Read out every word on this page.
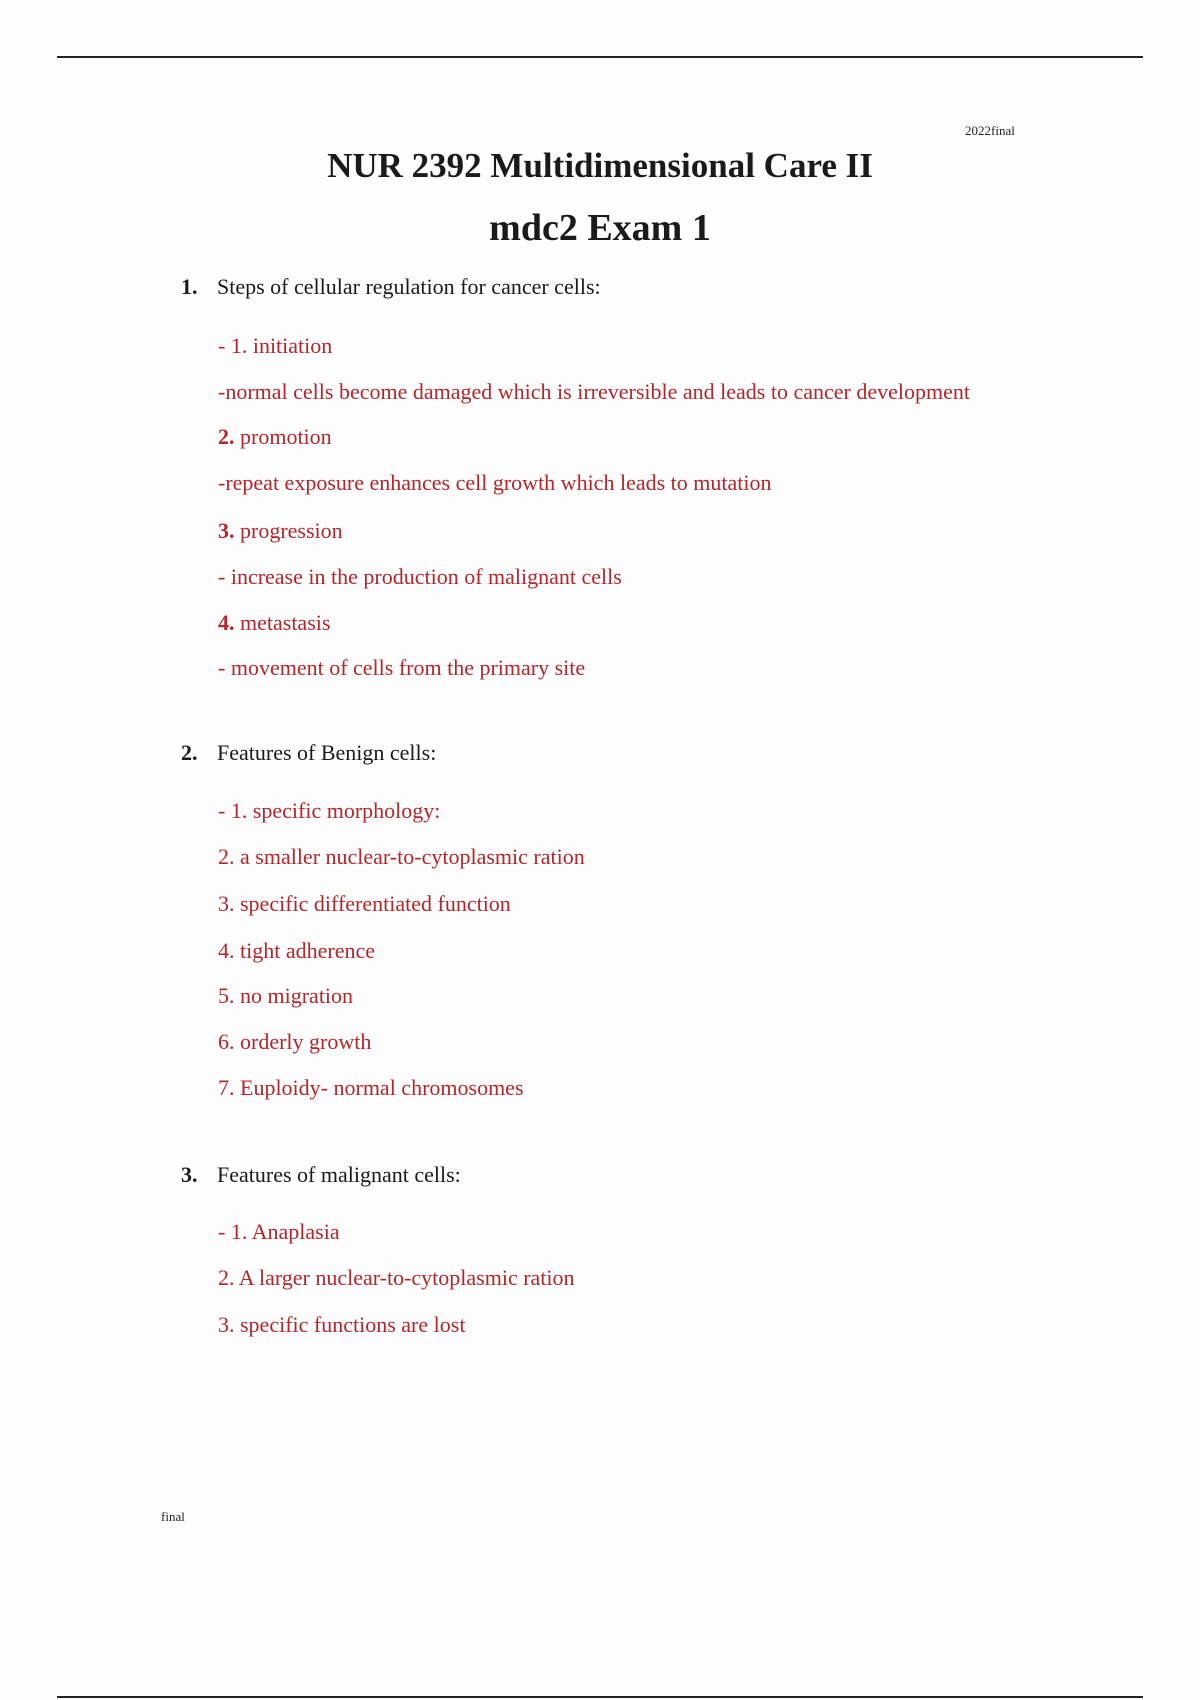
2022final
NUR 2392 Multidimensional Care II
mdc2 Exam 1
1. Steps of cellular regulation for cancer cells:
- 1. initiation
-normal cells become damaged which is irreversible and leads to cancer development
2. promotion
-repeat exposure enhances cell growth which leads to mutation
3. progression
- increase in the production of malignant cells
4. metastasis
- movement of cells from the primary site
2. Features of Benign cells:
- 1. specific morphology:
2. a smaller nuclear-to-cytoplasmic ration
3. specific differentiated function
4. tight adherence
5. no migration
6. orderly growth
7. Euploidy- normal chromosomes
3. Features of malignant cells:
- 1. Anaplasia
2. A larger nuclear-to-cytoplasmic ration
3. specific functions are lost
final
